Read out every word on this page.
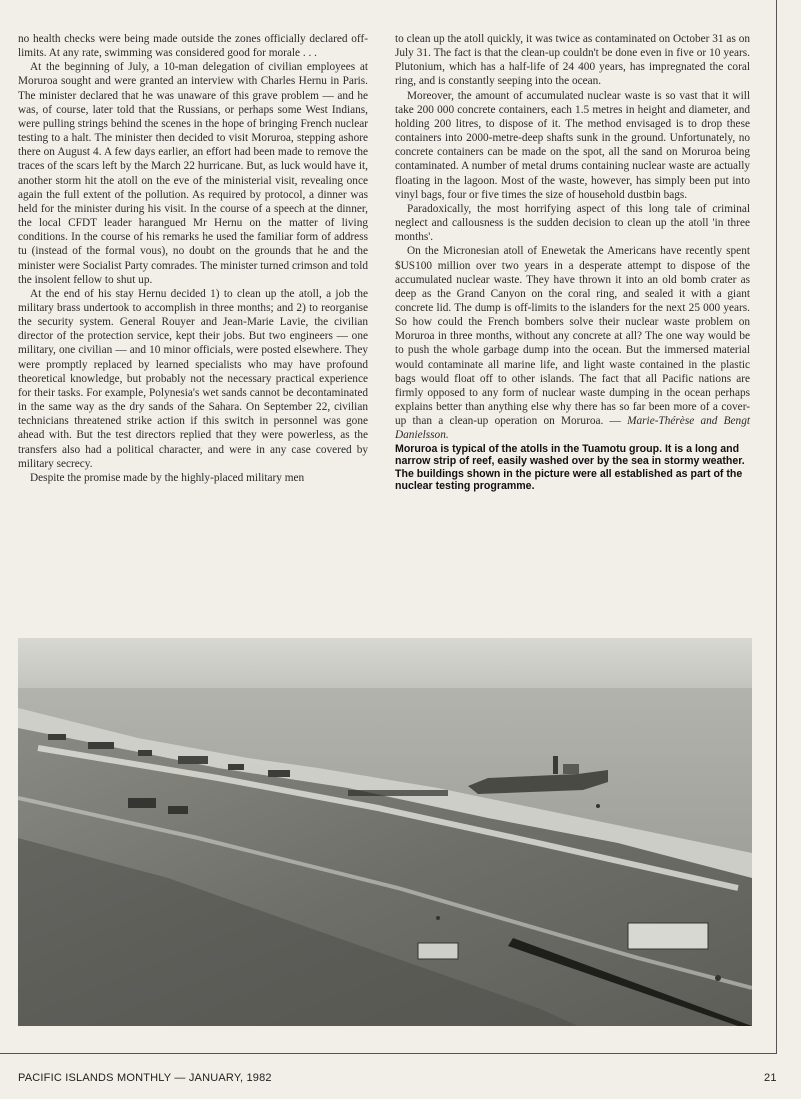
no health checks were being made outside the zones officially declared off-limits. At any rate, swimming was considered good for morale . . .

At the beginning of July, a 10-man delegation of civilian employees at Moruroa sought and were granted an interview with Charles Hernu in Paris. The minister declared that he was unaware of this grave problem — and he was, of course, later told that the Russians, or perhaps some West Indians, were pulling strings behind the scenes in the hope of bringing French nuclear testing to a halt. The minister then decided to visit Moruroa, stepping ashore there on August 4. A few days earlier, an effort had been made to remove the traces of the scars left by the March 22 hurricane. But, as luck would have it, another storm hit the atoll on the eve of the ministerial visit, revealing once again the full extent of the pollution. As required by protocol, a dinner was held for the minister during his visit. In the course of a speech at the dinner, the local CFDT leader harangued Mr Hernu on the matter of living conditions. In the course of his remarks he used the familiar form of address tu (instead of the formal vous), no doubt on the grounds that he and the minister were Socialist Party comrades. The minister turned crimson and told the insolent fellow to shut up.

At the end of his stay Hernu decided 1) to clean up the atoll, a job the military brass undertook to accomplish in three months; and 2) to reorganise the security system. General Rouyer and Jean-Marie Lavie, the civilian director of the protection service, kept their jobs. But two engineers — one military, one civilian — and 10 minor officials, were posted elsewhere. They were promptly replaced by learned specialists who may have profound theoretical knowledge, but probably not the necessary practical experience for their tasks. For example, Polynesia's wet sands cannot be decontaminated in the same way as the dry sands of the Sahara. On September 22, civilian technicians threatened strike action if this switch in personnel was gone ahead with. But the test directors replied that they were powerless, as the transfers also had a political character, and were in any case covered by military secrecy.

Despite the promise made by the highly-placed military men

to clean up the atoll quickly, it was twice as contaminated on October 31 as on July 31. The fact is that the clean-up couldn't be done even in five or 10 years. Plutonium, which has a half-life of 24 400 years, has impregnated the coral ring, and is constantly seeping into the ocean.

Moreover, the amount of accumulated nuclear waste is so vast that it will take 200 000 concrete containers, each 1.5 metres in height and diameter, and holding 200 litres, to dispose of it. The method envisaged is to drop these containers into 2000-metre-deep shafts sunk in the ground. Unfortunately, no concrete containers can be made on the spot, all the sand on Moruroa being contaminated. A number of metal drums containing nuclear waste are actually floating in the lagoon. Most of the waste, however, has simply been put into vinyl bags, four or five times the size of household dustbin bags.

Paradoxically, the most horrifying aspect of this long tale of criminal neglect and callousness is the sudden decision to clean up the atoll 'in three months'.

On the Micronesian atoll of Enewetak the Americans have recently spent $US100 million over two years in a desperate attempt to dispose of the accumulated nuclear waste. They have thrown it into an old bomb crater as deep as the Grand Canyon on the coral ring, and sealed it with a giant concrete lid. The dump is off-limits to the islanders for the next 25 000 years. So how could the French bombers solve their nuclear waste problem on Moruroa in three months, without any concrete at all? The one way would be to push the whole garbage dump into the ocean. But the immersed material would contaminate all marine life, and light waste contained in the plastic bags would float off to other islands. The fact that all Pacific nations are firmly opposed to any form of nuclear waste dumping in the ocean perhaps explains better than anything else why there has so far been more of a cover-up than a clean-up operation on Moruroa. — Marie-Thérèse and Bengt Danielsson.

Moruroa is typical of the atolls in the Tuamotu group. It is a long and narrow strip of reef, easily washed over by the sea in stormy weather. The buildings shown in the picture were all established as part of the nuclear testing programme.

PACIFIC ISLANDS MONTHLY — JANUARY, 1982	21
